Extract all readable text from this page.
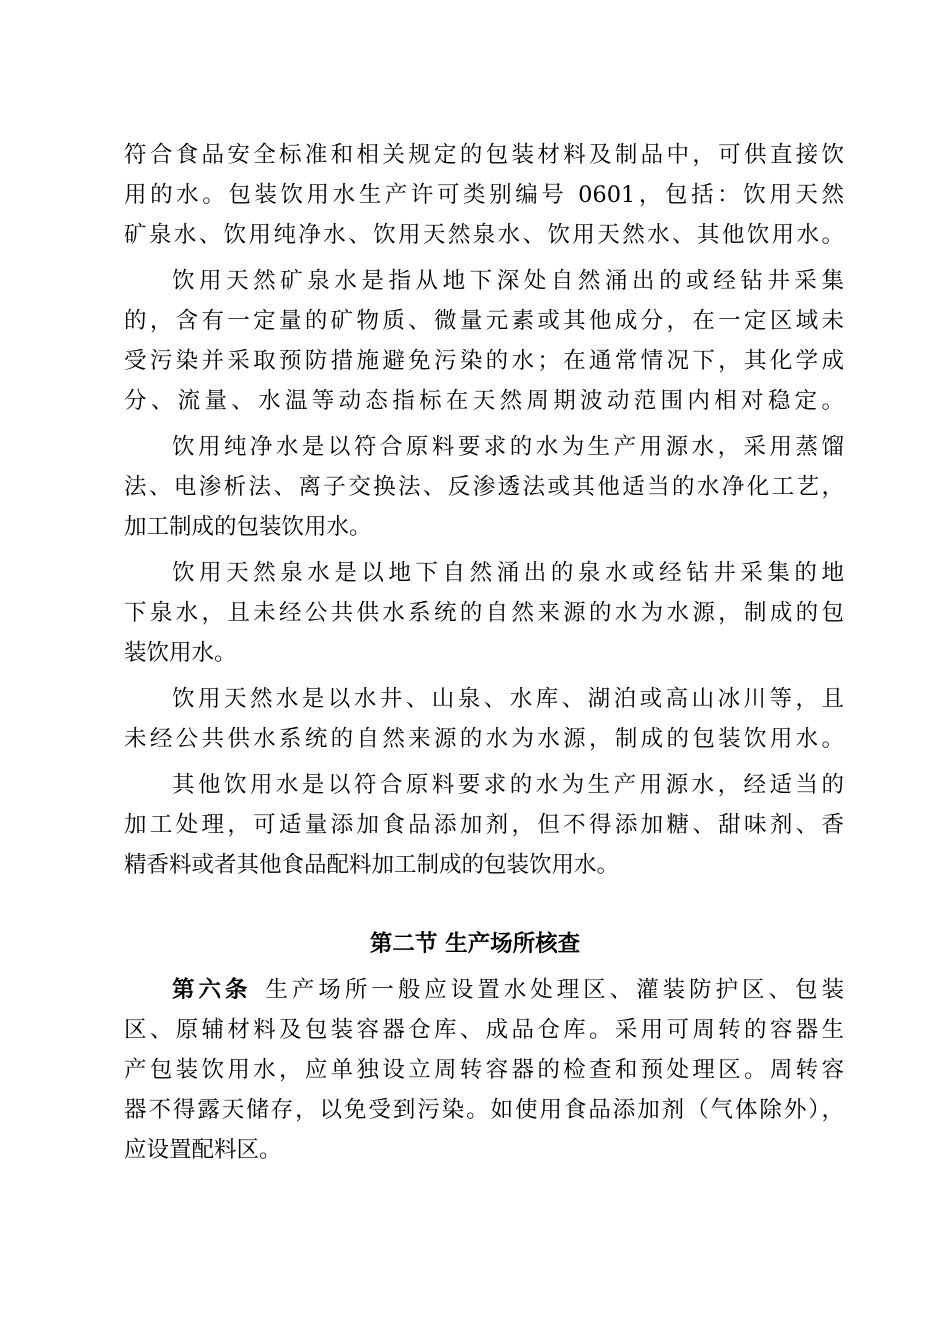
符合食品安全标准和相关规定的包装材料及制品中，可供直接饮
用的水。包装饮用水生产许可类别编号 0601，包括：饮用天然
矿泉水、饮用纯净水、饮用天然泉水、饮用天然水、其他饮用水。
饮用天然矿泉水是指从地下深处自然涌出的或经钻井采集
的，含有一定量的矿物质、微量元素或其他成分，在一定区域未
受污染并采取预防措施避免污染的水；在通常情况下，其化学成
分、流量、水温等动态指标在天然周期波动范围内相对稳定。
饮用纯净水是以符合原料要求的水为生产用源水，采用蒸馏
法、电渗析法、离子交换法、反渗透法或其他适当的水净化工艺，
加工制成的包装饮用水。
饮用天然泉水是以地下自然涌出的泉水或经钻井采集的地
下泉水，且未经公共供水系统的自然来源的水为水源，制成的包
装饮用水。
饮用天然水是以水井、山泉、水库、湖泊或高山冰川等，且
未经公共供水系统的自然来源的水为水源，制成的包装饮用水。
其他饮用水是以符合原料要求的水为生产用源水，经适当的
加工处理，可适量添加食品添加剂，但不得添加糖、甜味剂、香
精香料或者其他食品配料加工制成的包装饮用水。
第二节 生产场所核查
第六条 生产场所一般应设置水处理区、灌装防护区、包装
区、原辅材料及包装容器仓库、成品仓库。采用可周转的容器生
产包装饮用水，应单独设立周转容器的检查和预处理区。周转容
器不得露天储存，以免受到污染。如使用食品添加剂（气体除外），
应设置配料区。
